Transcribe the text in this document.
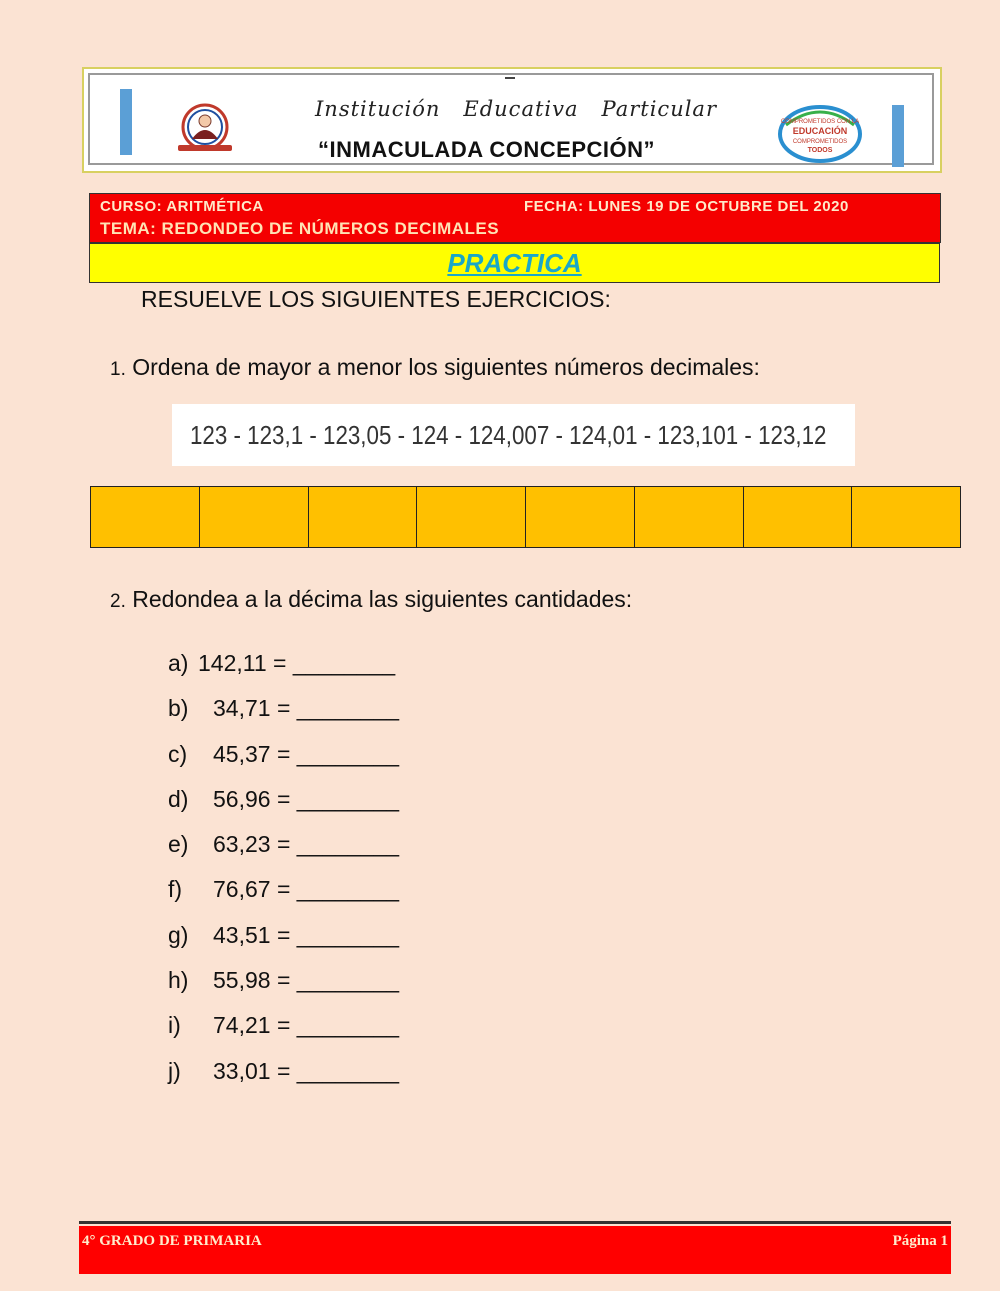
Institución   Educativa   Particular
“INMACULADA CONCEPCIÓN”
COMPROMETIDOS CON LA
EDUCACIÓN
COMPROMETIDOS
TODOS
CURSO: ARITMÉTICA	FECHA: LUNES 19 DE OCTUBRE DEL 2020
TEMA: REDONDEO DE NÚMEROS DECIMALES
PRACTICA
RESUELVE LOS SIGUIENTES EJERCICIOS:
1. Ordena de mayor a menor los siguientes números decimales:
123 - 123,1 - 123,05 - 124 - 124,007 - 124,01 - 123,101 - 123,12
2. Redondea a la décima las siguientes cantidades:
a) 142,11 = ________
b)	34,71 = ________
c)	45,37 = ________
d)	56,96 = ________
e)	63,23 = ________
f)	76,67 = ________
g)	43,51 = ________
h)	55,98 = ________
i)	74,21 = ________
j)	33,01 = ________
4° GRADO DE PRIMARIA	Página 1
